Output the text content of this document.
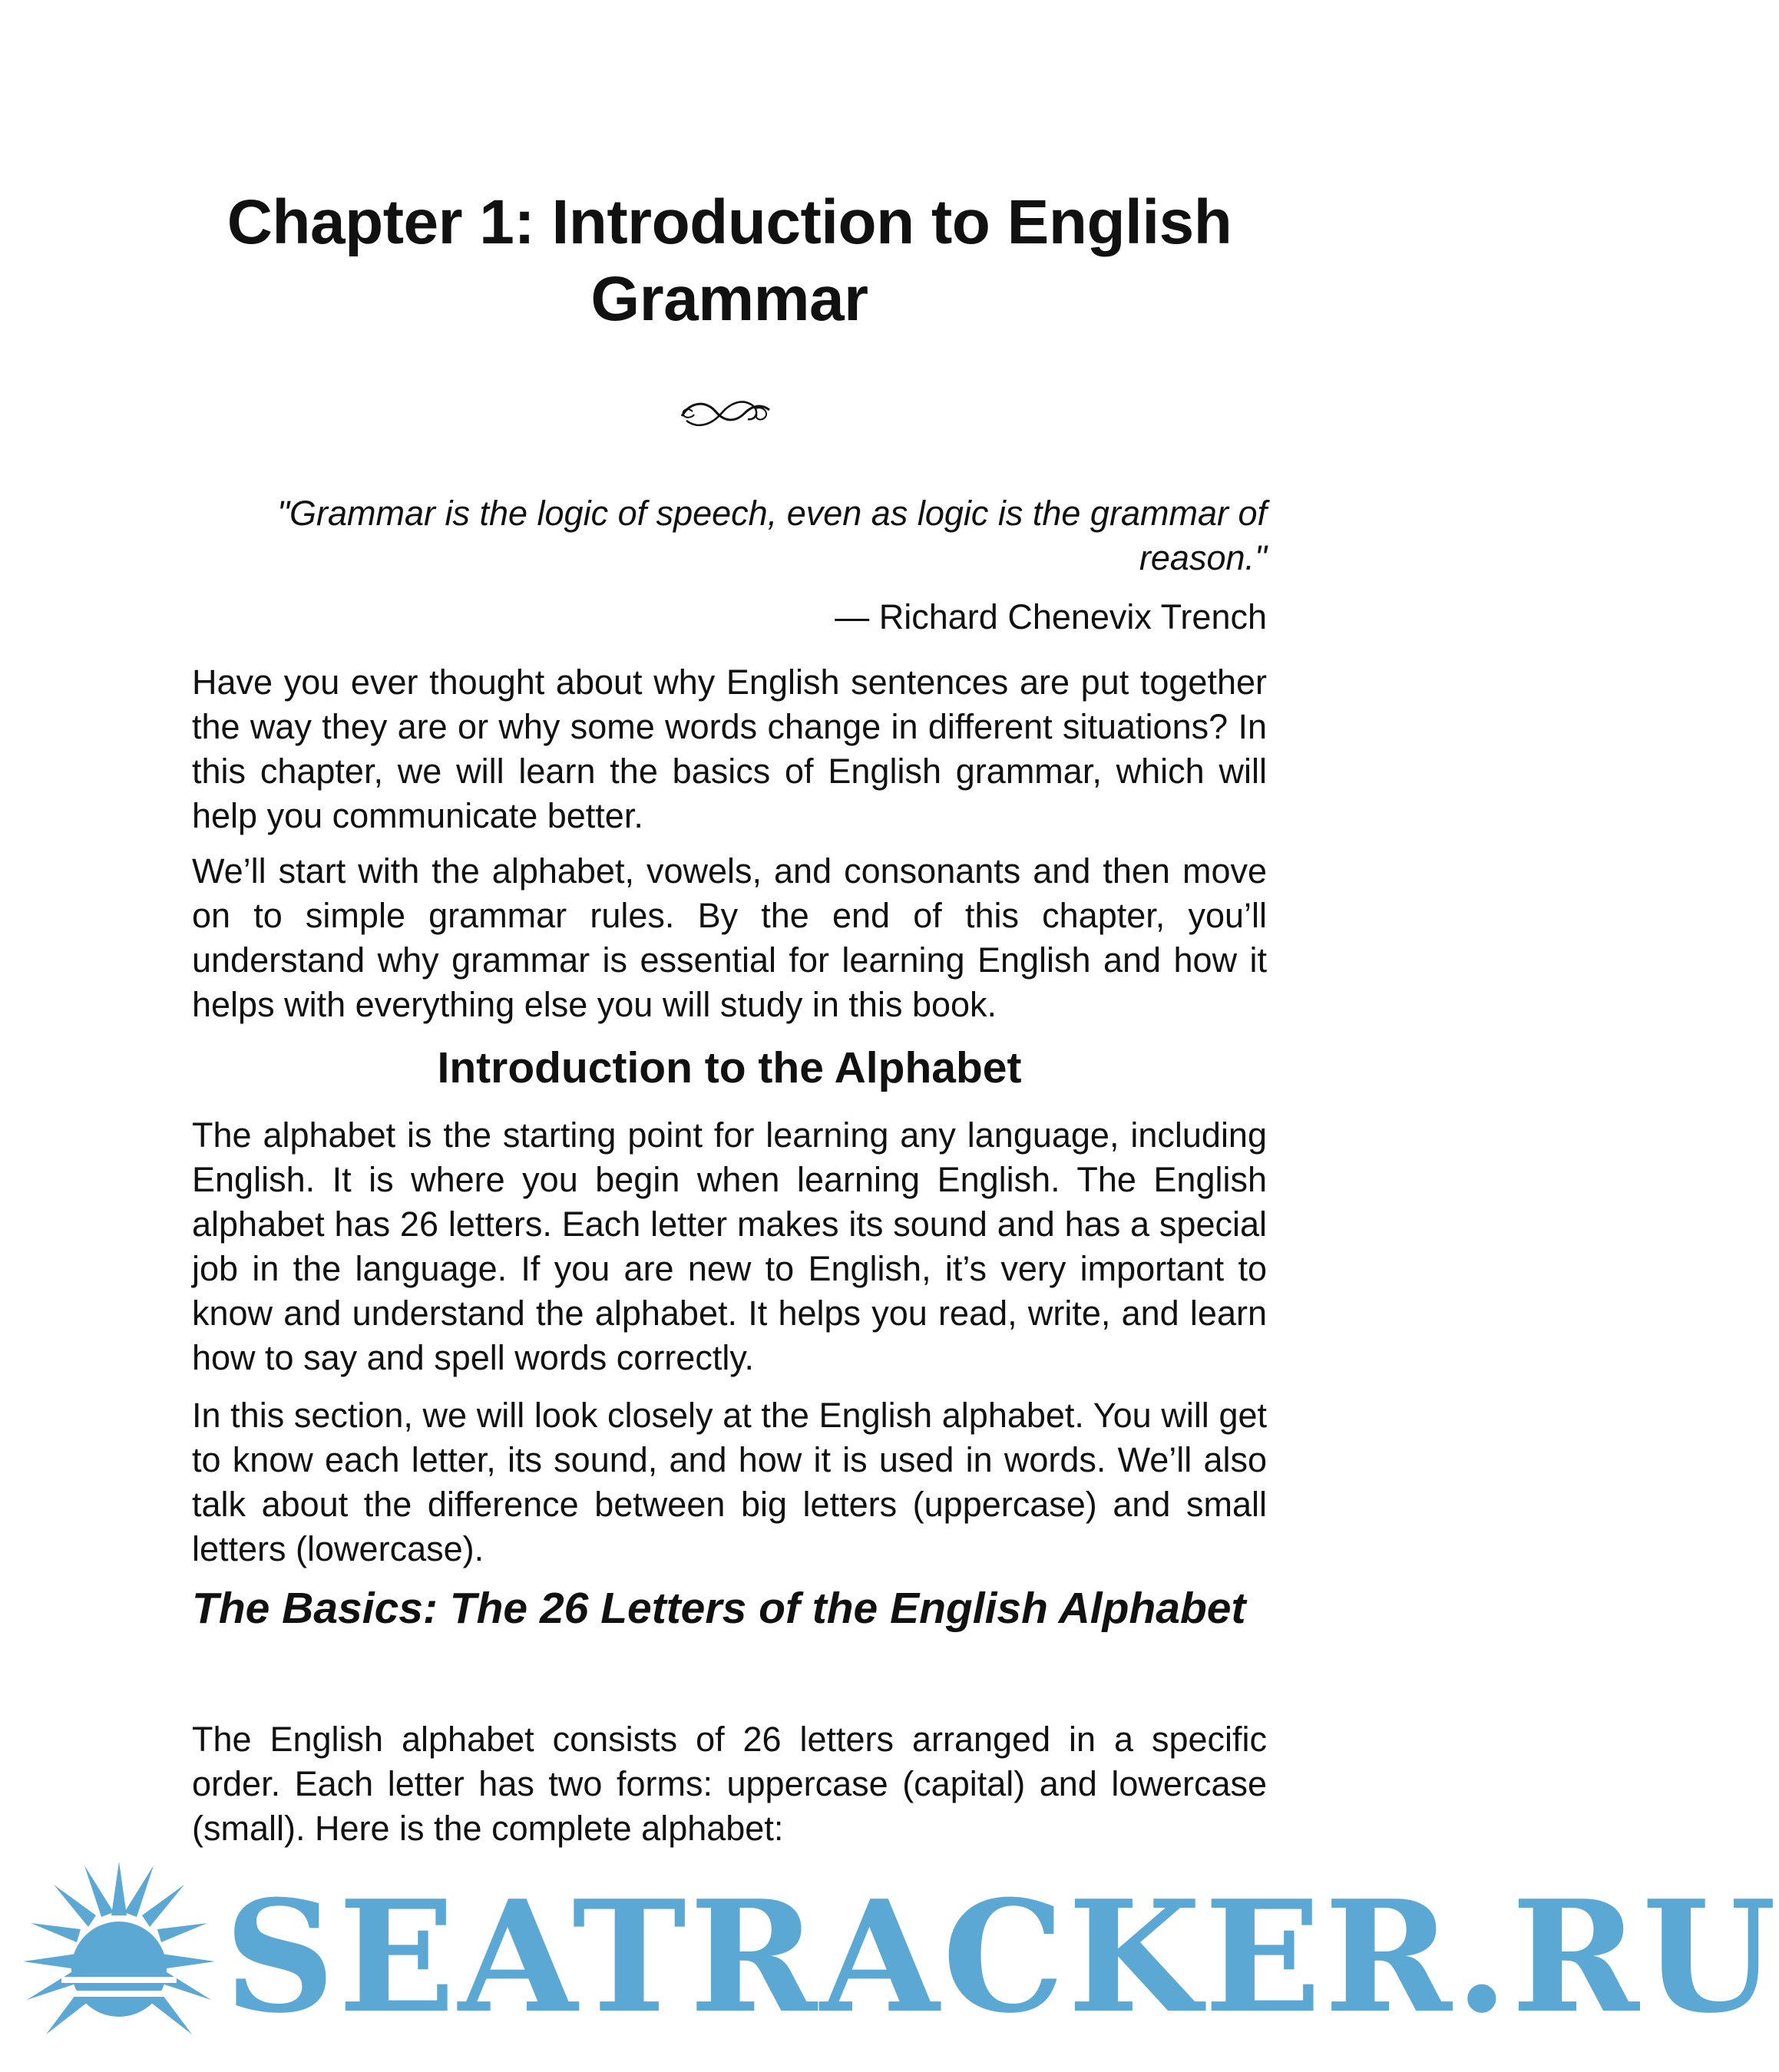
Chapter 1: Introduction to English Grammar
"Grammar is the logic of speech, even as logic is the grammar of reason."
— Richard Chenevix Trench

Have you ever thought about why English sentences are put together the way they are or why some words change in different situations? In this chapter, we will learn the basics of English grammar, which will help you communicate better.

We’ll start with the alphabet, vowels, and consonants and then move on to simple grammar rules. By the end of this chapter, you’ll understand why grammar is essential for learning English and how it helps with everything else you will study in this book.

Introduction to the Alphabet

The alphabet is the starting point for learning any language, including English. It is where you begin when learning English. The English alphabet has 26 letters. Each letter makes its sound and has a special job in the language. If you are new to English, it’s very important to know and understand the alphabet. It helps you read, write, and learn how to say and spell words correctly.

In this section, we will look closely at the English alphabet. You will get to know each letter, its sound, and how it is used in words. We’ll also talk about the difference between big letters (uppercase) and small letters (lowercase).

The Basics: The 26 Letters of the English Alphabet

The English alphabet consists of 26 letters arranged in a specific order. Each letter has two forms: uppercase (capital) and lowercase (small). Here is the complete alphabet:

SEATRACKER.RU
